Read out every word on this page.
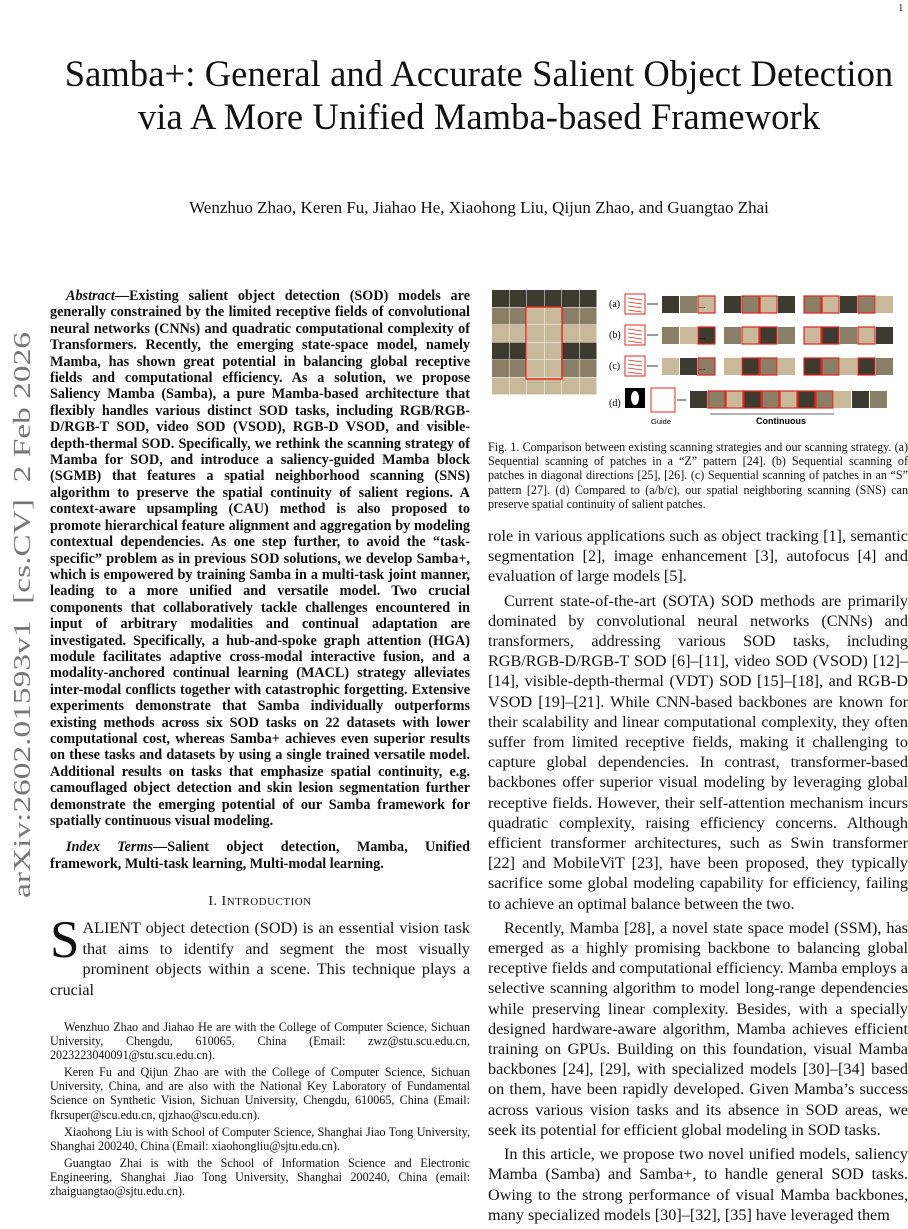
1
arXiv:2602.01593v1  [cs.CV]  2 Feb 2026
Samba+: General and Accurate Salient Object Detection via A More Unified Mamba-based Framework
Wenzhuo Zhao, Keren Fu, Jiahao He, Xiaohong Liu, Qijun Zhao, and Guangtao Zhai

Abstract—Existing salient object detection (SOD) models are generally constrained by the limited receptive fields of convolutional neural networks (CNNs) and quadratic computational complexity of Transformers. Recently, the emerging state-space model, namely Mamba, has shown great potential in balancing global receptive fields and computational efficiency. As a solution, we propose Saliency Mamba (Samba), a pure Mamba-based architecture that flexibly handles various distinct SOD tasks, including RGB/RGB-D/RGB-T SOD, video SOD (VSOD), RGB-D VSOD, and visible-depth-thermal SOD. Specifically, we rethink the scanning strategy of Mamba for SOD, and introduce a saliency-guided Mamba block (SGMB) that features a spatial neighborhood scanning (SNS) algorithm to preserve the spatial continuity of salient regions. A context-aware upsampling (CAU) method is also proposed to promote hierarchical feature alignment and aggregation by modeling contextual dependencies. As one step further, to avoid the “task-specific” problem as in previous SOD solutions, we develop Samba+, which is empowered by training Samba in a multi-task joint manner, leading to a more unified and versatile model. Two crucial components that collaboratively tackle challenges encountered in input of arbitrary modalities and continual adaptation are investigated. Specifically, a hub-and-spoke graph attention (HGA) module facilitates adaptive cross-modal interactive fusion, and a modality-anchored continual learning (MACL) strategy alleviates inter-modal conflicts together with catastrophic forgetting. Extensive experiments demonstrate that Samba individually outperforms existing methods across six SOD tasks on 22 datasets with lower computational cost, whereas Samba+ achieves even superior results on these tasks and datasets by using a single trained versatile model. Additional results on tasks that emphasize spatial continuity, e.g. camouflaged object detection and skin lesion segmentation further demonstrate the emerging potential of our Samba framework for spatially continuous visual modeling.

Index Terms—Salient object detection, Mamba, Unified framework, Multi-task learning, Multi-modal learning.

I. INTRODUCTION

SALIENT object detection (SOD) is an essential vision task that aims to identify and segment the most visually prominent objects within a scene. This technique plays a crucial

Wenzhuo Zhao and Jiahao He are with the College of Computer Science, Sichuan University, Chengdu, 610065, China (Email: zwz@stu.scu.edu.cn, 2023223040091@stu.scu.edu.cn).

Keren Fu and Qijun Zhao are with the College of Computer Science, Sichuan University, China, and are also with the National Key Laboratory of Fundamental Science on Synthetic Vision, Sichuan University, Chengdu, 610065, China (Email: fkrsuper@scu.edu.cn, qjzhao@scu.edu.cn).

Xiaohong Liu is with School of Computer Science, Shanghai Jiao Tong University, Shanghai 200240, China (Email: xiaohongliu@sjtu.edu.cn).

Guangtao Zhai is with the School of Information Science and Electronic Engineering, Shanghai Jiao Tong University, Shanghai 200240, China (email: zhaiguangtao@sjtu.edu.cn).

...
...
...
(a)
(b)
(c)
(d)
Guide	Continuous

Fig. 1. Comparison between existing scanning strategies and our scanning strategy. (a) Sequential scanning of patches in a “Z” pattern [24]. (b) Sequential scanning of patches in diagonal directions [25], [26]. (c) Sequential scanning of patches in an “S” pattern [27]. (d) Compared to (a/b/c), our spatial neighboring scanning (SNS) can preserve spatial continuity of salient patches.

role in various applications such as object tracking [1], semantic segmentation [2], image enhancement [3], autofocus [4] and evaluation of large models [5].

Current state-of-the-art (SOTA) SOD methods are primarily dominated by convolutional neural networks (CNNs) and transformers, addressing various SOD tasks, including RGB/RGB-D/RGB-T SOD [6]–[11], video SOD (VSOD) [12]–[14], visible-depth-thermal (VDT) SOD [15]–[18], and RGB-D VSOD [19]–[21]. While CNN-based backbones are known for their scalability and linear computational complexity, they often suffer from limited receptive fields, making it challenging to capture global dependencies. In contrast, transformer-based backbones offer superior visual modeling by leveraging global receptive fields. However, their self-attention mechanism incurs quadratic complexity, raising efficiency concerns. Although efficient transformer architectures, such as Swin transformer [22] and MobileViT [23], have been proposed, they typically sacrifice some global modeling capability for efficiency, failing to achieve an optimal balance between the two.

Recently, Mamba [28], a novel state space model (SSM), has emerged as a highly promising backbone to balancing global receptive fields and computational efficiency. Mamba employs a selective scanning algorithm to model long-range dependencies while preserving linear complexity. Besides, with a specially designed hardware-aware algorithm, Mamba achieves efficient training on GPUs. Building on this foundation, visual Mamba backbones [24], [29], with specialized models [30]–[34] based on them, have been rapidly developed. Given Mamba’s success across various vision tasks and its absence in SOD areas, we seek its potential for efficient global modeling in SOD tasks.

In this article, we propose two novel unified models, saliency Mamba (Samba) and Samba+, to handle general SOD tasks. Owing to the strong performance of visual Mamba backbones, many specialized models [30]–[32], [35] have leveraged them
